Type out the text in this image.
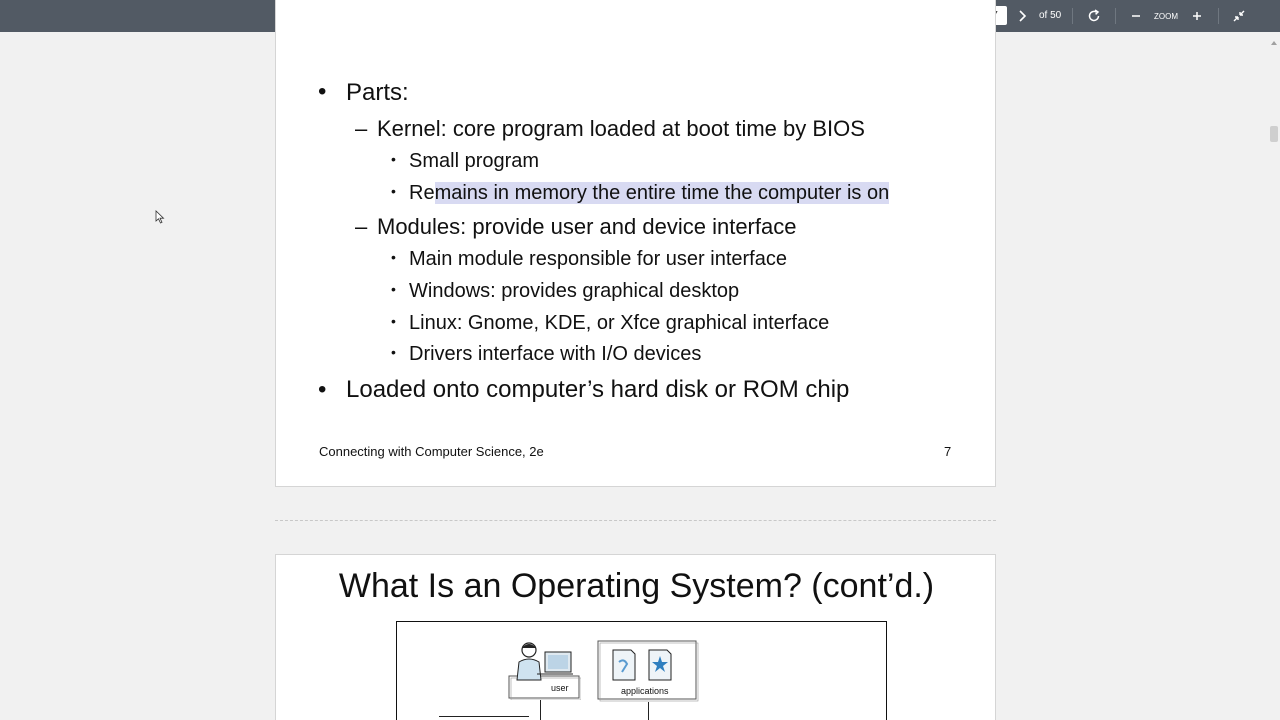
7
of 50	ZOOM

• Parts:
– Kernel: core program loaded at boot time by BIOS
• Small program
• Remains in memory the entire time the computer is on
– Modules: provide user and device interface
• Main module responsible for user interface
• Windows: provides graphical desktop
• Linux: Gnome, KDE, or Xfce graphical interface
• Drivers interface with I/O devices
• Loaded onto computer’s hard disk or ROM chip
Connecting with Computer Science, 2e	7
What Is an Operating System? (cont’d.)
user	applications
